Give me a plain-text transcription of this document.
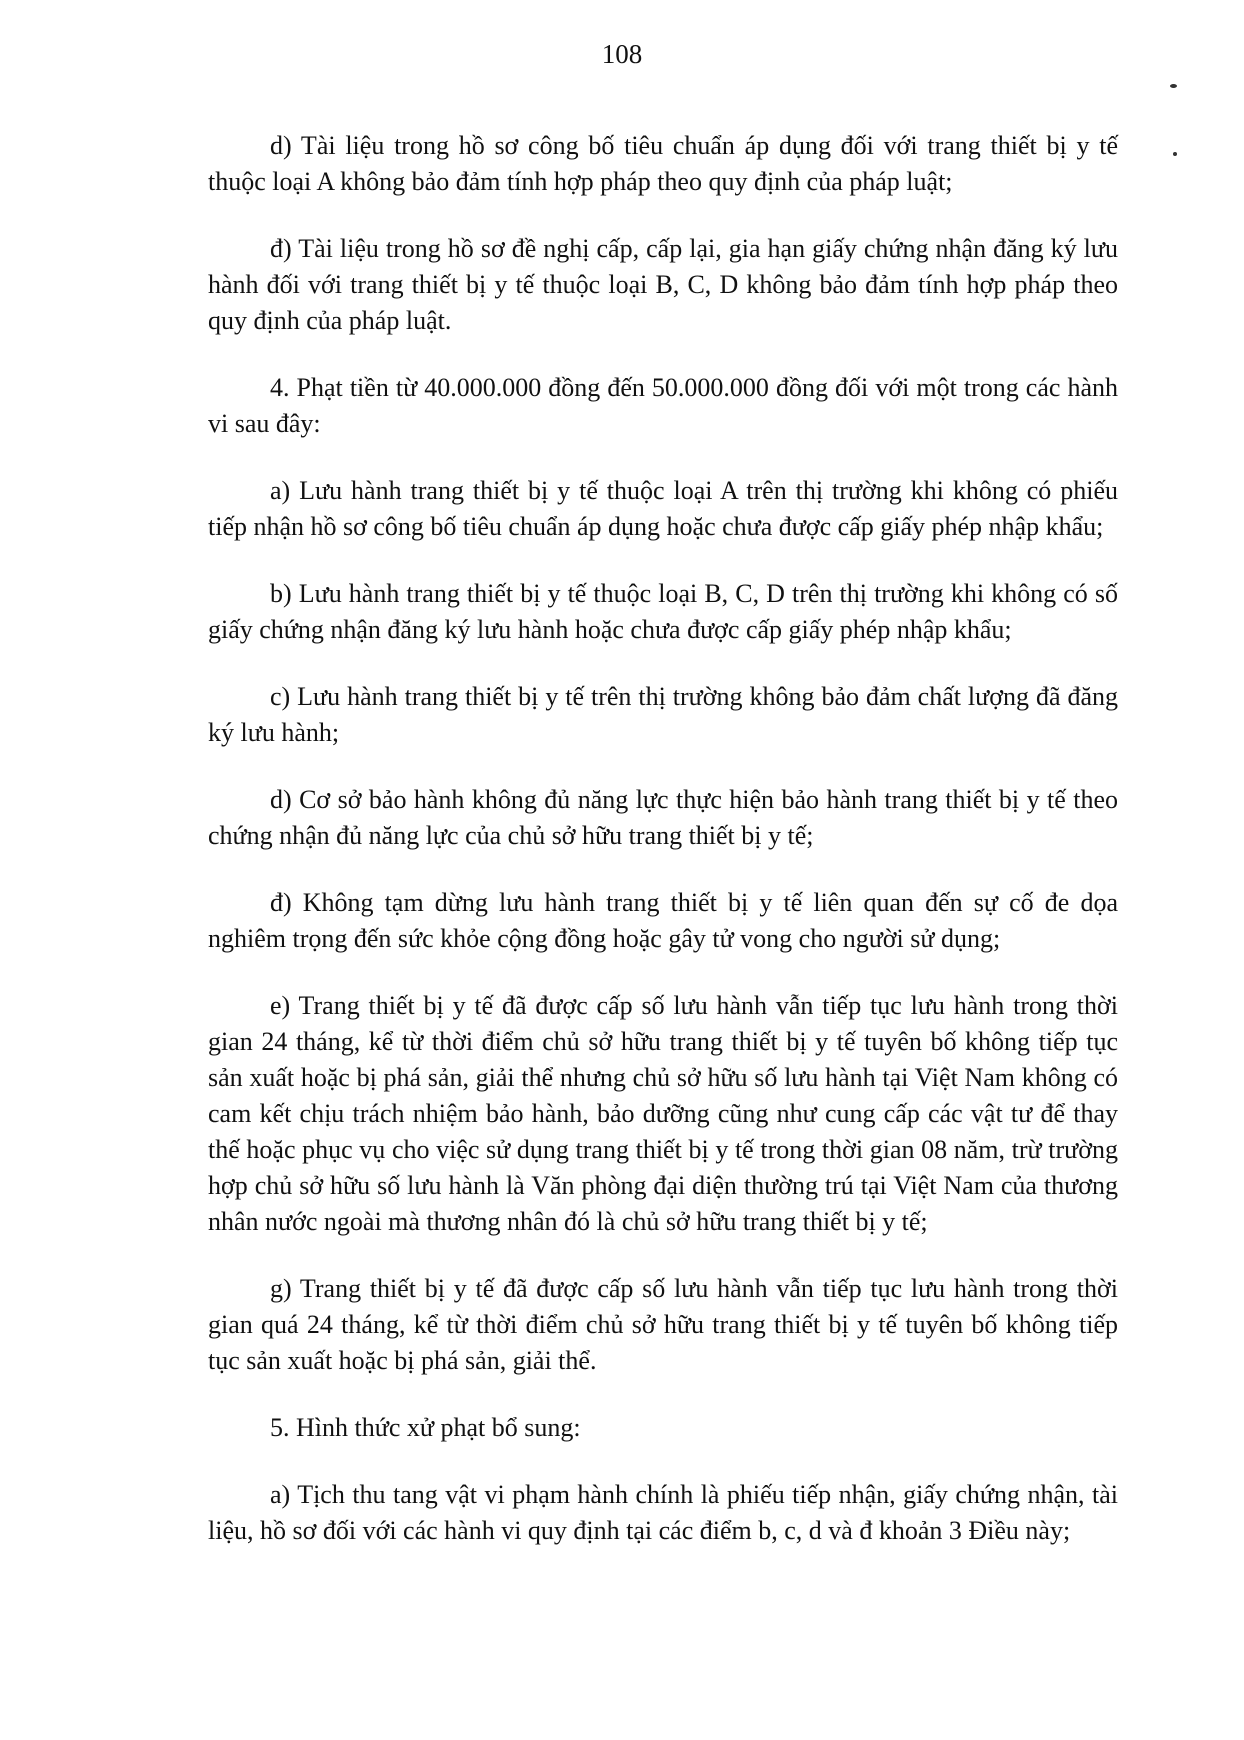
108

d) Tài liệu trong hồ sơ công bố tiêu chuẩn áp dụng đối với trang thiết bị y tế thuộc loại A không bảo đảm tính hợp pháp theo quy định của pháp luật;

đ) Tài liệu trong hồ sơ đề nghị cấp, cấp lại, gia hạn giấy chứng nhận đăng ký lưu hành đối với trang thiết bị y tế thuộc loại B, C, D không bảo đảm tính hợp pháp theo quy định của pháp luật.

4. Phạt tiền từ 40.000.000 đồng đến 50.000.000 đồng đối với một trong các hành vi sau đây:

a) Lưu hành trang thiết bị y tế thuộc loại A trên thị trường khi không có phiếu tiếp nhận hồ sơ công bố tiêu chuẩn áp dụng hoặc chưa được cấp giấy phép nhập khẩu;

b) Lưu hành trang thiết bị y tế thuộc loại B, C, D trên thị trường khi không có số giấy chứng nhận đăng ký lưu hành hoặc chưa được cấp giấy phép nhập khẩu;

c) Lưu hành trang thiết bị y tế trên thị trường không bảo đảm chất lượng đã đăng ký lưu hành;

d) Cơ sở bảo hành không đủ năng lực thực hiện bảo hành trang thiết bị y tế theo chứng nhận đủ năng lực của chủ sở hữu trang thiết bị y tế;

đ) Không tạm dừng lưu hành trang thiết bị y tế liên quan đến sự cố đe dọa nghiêm trọng đến sức khỏe cộng đồng hoặc gây tử vong cho người sử dụng;

e) Trang thiết bị y tế đã được cấp số lưu hành vẫn tiếp tục lưu hành trong thời gian 24 tháng, kể từ thời điểm chủ sở hữu trang thiết bị y tế tuyên bố không tiếp tục sản xuất hoặc bị phá sản, giải thể nhưng chủ sở hữu số lưu hành tại Việt Nam không có cam kết chịu trách nhiệm bảo hành, bảo dưỡng cũng như cung cấp các vật tư để thay thế hoặc phục vụ cho việc sử dụng trang thiết bị y tế trong thời gian 08 năm, trừ trường hợp chủ sở hữu số lưu hành là Văn phòng đại diện thường trú tại Việt Nam của thương nhân nước ngoài mà thương nhân đó là chủ sở hữu trang thiết bị y tế;

g) Trang thiết bị y tế đã được cấp số lưu hành vẫn tiếp tục lưu hành trong thời gian quá 24 tháng, kể từ thời điểm chủ sở hữu trang thiết bị y tế tuyên bố không tiếp tục sản xuất hoặc bị phá sản, giải thể.

5. Hình thức xử phạt bổ sung:

a) Tịch thu tang vật vi phạm hành chính là phiếu tiếp nhận, giấy chứng nhận, tài liệu, hồ sơ đối với các hành vi quy định tại các điểm b, c, d và đ khoản 3 Điều này;
